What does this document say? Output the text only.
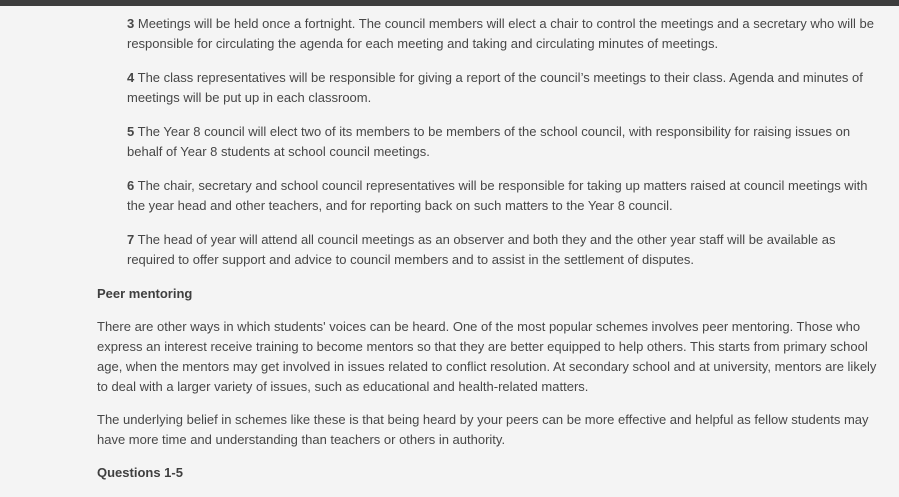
3 Meetings will be held once a fortnight. The council members will elect a chair to control the meetings and a secretary who will be responsible for circulating the agenda for each meeting and taking and circulating minutes of meetings.

4 The class representatives will be responsible for giving a report of the council’s meetings to their class. Agenda and minutes of meetings will be put up in each classroom.

5 The Year 8 council will elect two of its members to be members of the school council, with responsibility for raising issues on behalf of Year 8 students at school council meetings.

6 The chair, secretary and school council representatives will be responsible for taking up matters raised at council meetings with the year head and other teachers, and for reporting back on such matters to the Year 8 council.

7 The head of year will attend all council meetings as an observer and both they and the other year staff will be available as required to offer support and advice to council members and to assist in the settlement of disputes.

Peer mentoring

There are other ways in which students' voices can be heard. One of the most popular schemes involves peer mentoring. Those who express an interest receive training to become mentors so that they are better equipped to help others. This starts from primary school age, when the mentors may get involved in issues related to conflict resolution. At secondary school and at university, mentors are likely to deal with a larger variety of issues, such as educational and health-related matters.

The underlying belief in schemes like these is that being heard by your peers can be more effective and helpful as fellow students may have more time and understanding than teachers or others in authority.

Questions 1-5
